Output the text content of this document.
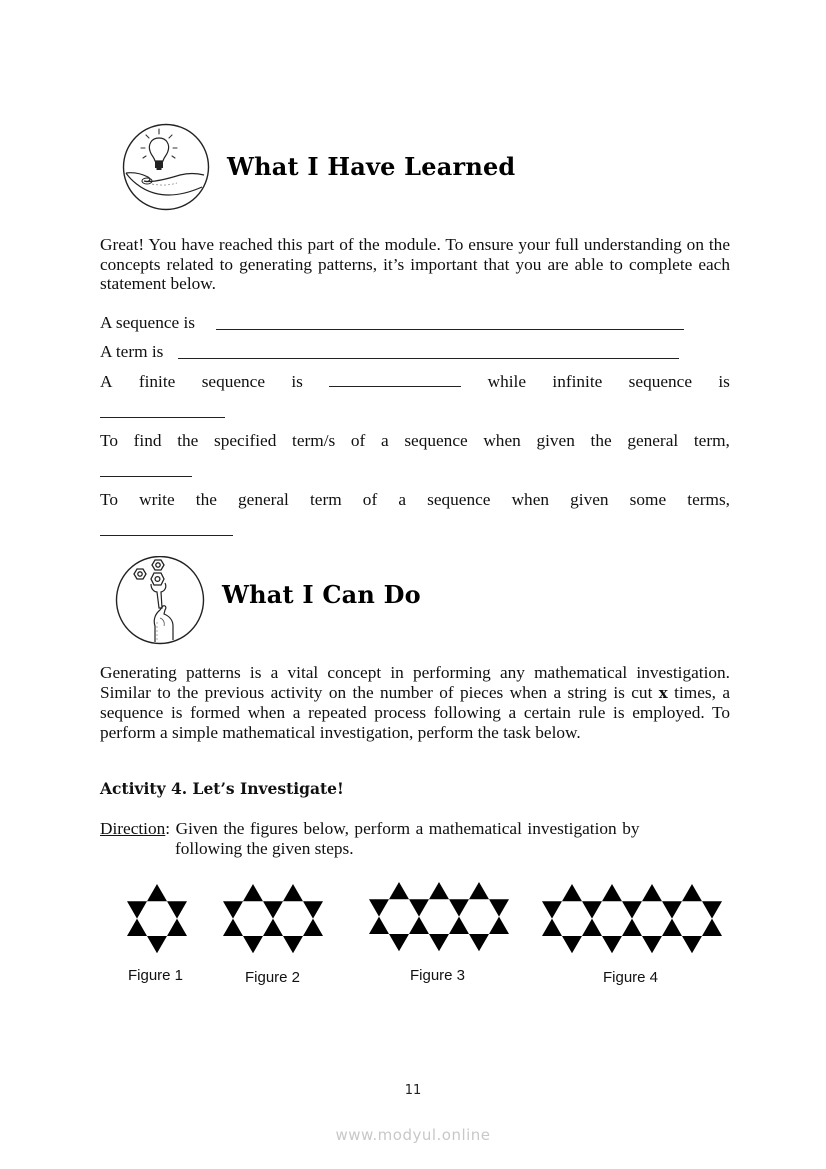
What I Have Learned
Great! You have reached this part of the module. To ensure your full understanding on the concepts related to generating patterns, it’s important that you are able to complete each statement below.
A sequence is
A term is
A finite sequence is	while infinite sequence is
To find the specified term/s of a sequence when given the general term,
To write the general term of a sequence when given some terms,
What I Can Do
Generating patterns is a vital concept in performing any mathematical investigation. Similar to the previous activity on the number of pieces when a string is cut x times, a sequence is formed when a repeated process following a certain rule is employed. To perform a simple mathematical investigation, perform the task below.
Activity 4. Let’s Investigate!
Direction: Given the figures below, perform a mathematical investigation by
following the given steps.
Figure 1	Figure 2	Figure 3	Figure 4
11
www.modyul.online
